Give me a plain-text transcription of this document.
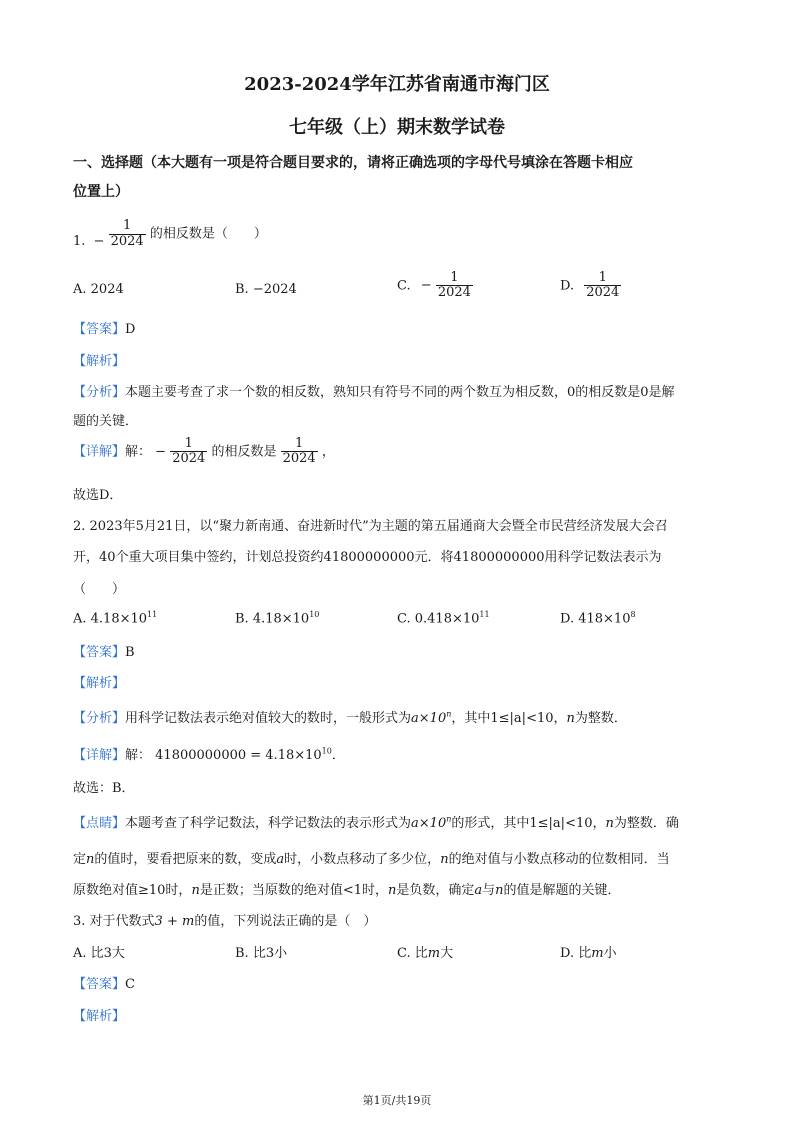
2023-2024学年江苏省南通市海门区
七年级（上）期末数学试卷
一、选择题（本大题有一项是符合题目要求的，请将正确选项的字母代号填涂在答题卡相应
位置上）
1. − $\frac{1}{2024}$ 的相反数是（　　）
A. 2024	B. −2024	C. − $\frac{1}{2024}$	D. $\frac{1}{2024}$
【答案】D
【解析】
【分析】本题主要考查了求一个数的相反数，熟知只有符号不同的两个数互为相反数，0的相反数是0是解
题的关键．
【详解】解： − $\frac{1}{2024}$ 的相反数是 $\frac{1}{2024}$ ，
故选D．
2. 2023年5月21日，以“聚力新南通、奋进新时代”为主题的第五届通商大会暨全市民营经济发展大会召
开，40个重大项目集中签约，计划总投资约41800000000元．将41800000000用科学记数法表示为
（　　）
A. $4.18\times 10^{11}$	B. $4.18\times 10^{10}$	C. $0.418\times 10^{11}$	D. $418\times 10^8$
【答案】B
【解析】
【分析】用科学记数法表示绝对值较大的数时，一般形式为$a\times 10^n$，其中1≤|a|<10，n为整数．
【详解】解： $41800000000 = 4.18\times 10^{10}$．
故选：B．
【点睛】本题考查了科学记数法，科学记数法的表示形式为$a\times 10^n$的形式，其中1≤|a|<10，n为整数．确
定n的值时，要看把原来的数，变成a时，小数点移动了多少位，n的绝对值与小数点移动的位数相同．当
原数绝对值≥10时，n是正数；当原数的绝对值<1时，n是负数，确定a与n的值是解题的关键．
3. 对于代数式3 + m的值，下列说法正确的是（　）
A. 比3大	B. 比3小	C. 比m大	D. 比m小
【答案】C
【解析】
第1页/共19页
